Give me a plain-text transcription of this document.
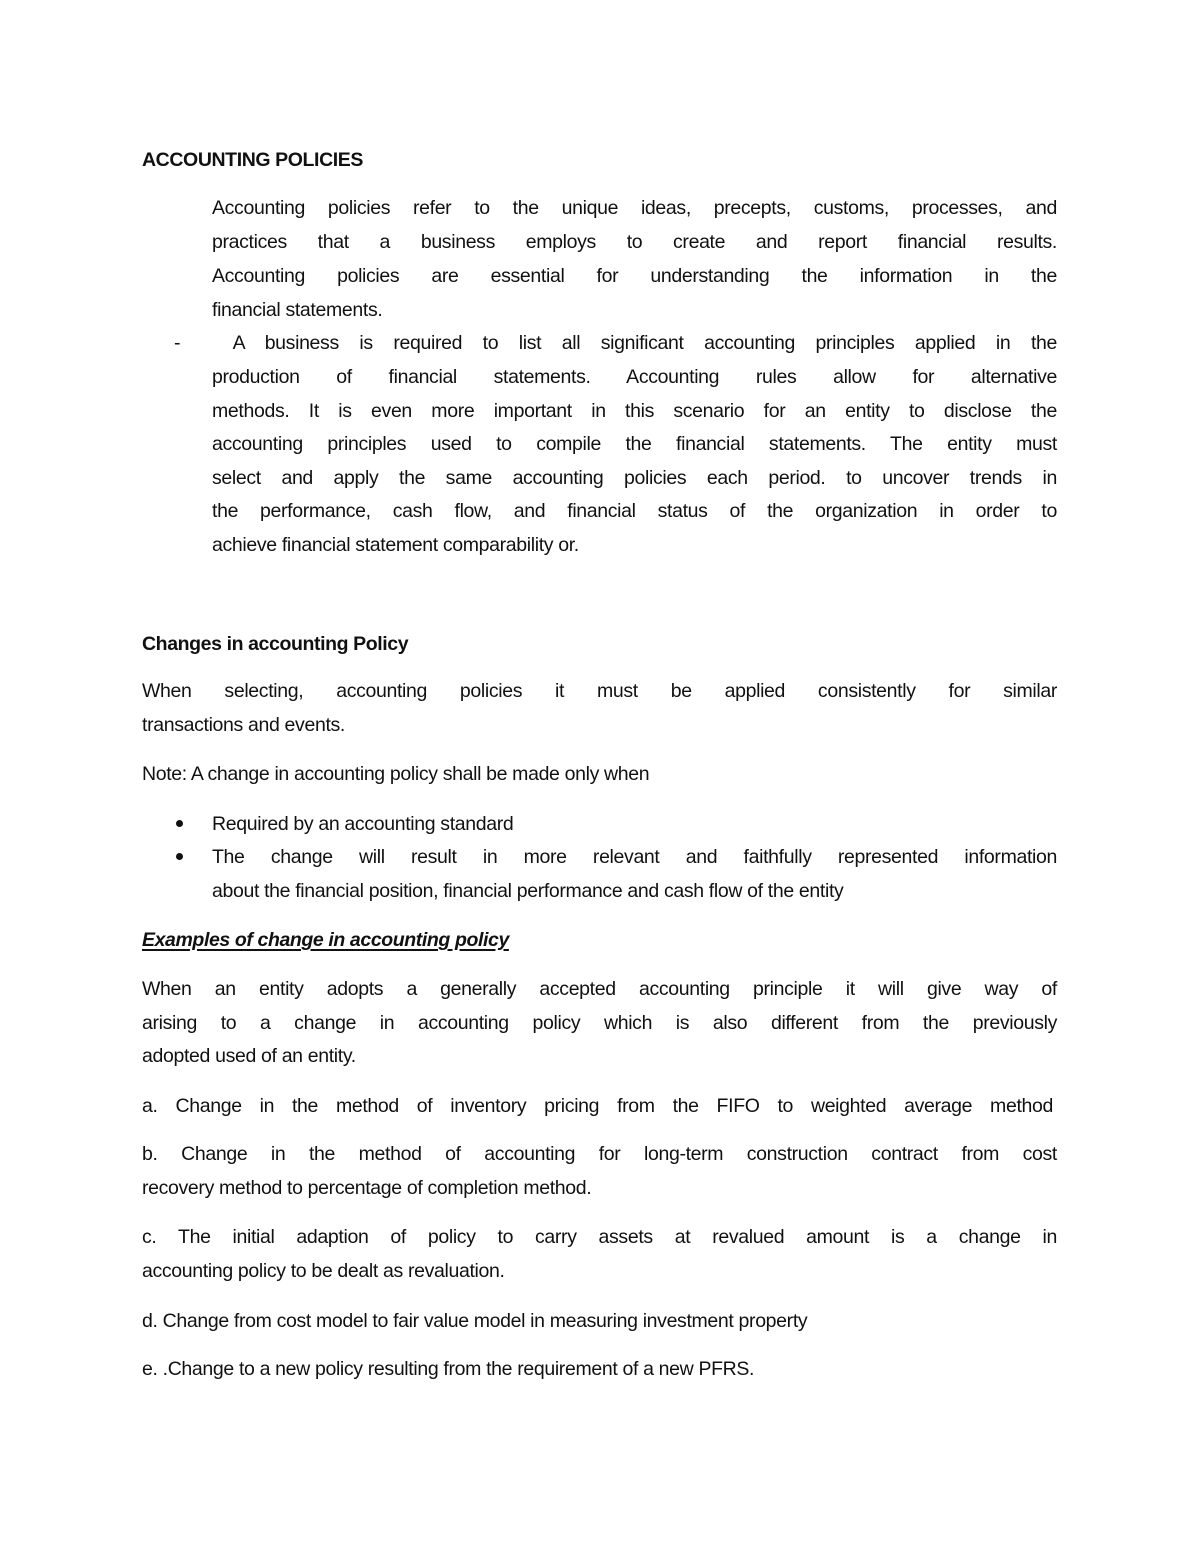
ACCOUNTING POLICIES
Accounting policies refer to the unique ideas, precepts, customs, processes, and
practices that a business employs to create and report financial results.
Accounting policies are essential for understanding the information in the
financial statements.
- A business is required to list all significant accounting principles applied in the
production of financial statements. Accounting rules allow for alternative
methods. It is even more important in this scenario for an entity to disclose the
accounting principles used to compile the financial statements. The entity must
select and apply the same accounting policies each period. to uncover trends in
the performance, cash flow, and financial status of the organization in order to
achieve financial statement comparability or.
Changes in accounting Policy
When selecting, accounting policies it must be applied consistently for similar
transactions and events.
Note: A change in accounting policy shall be made only when
Required by an accounting standard
The change will result in more relevant and faithfully represented information
about the financial position, financial performance and cash flow of the entity
Examples of change in accounting policy
When an entity adopts a generally accepted accounting principle it will give way of
arising to a change in accounting policy which is also different from the previously
adopted used of an entity.
a. Change in the method of inventory pricing from the FIFO to weighted average method
b. Change in the method of accounting for long-term construction contract from cost
recovery method to percentage of completion method.
c. The initial adaption of policy to carry assets at revalued amount is a change in
accounting policy to be dealt as revaluation.
d. Change from cost model to fair value model in measuring investment property
e. .Change to a new policy resulting from the requirement of a new PFRS.
